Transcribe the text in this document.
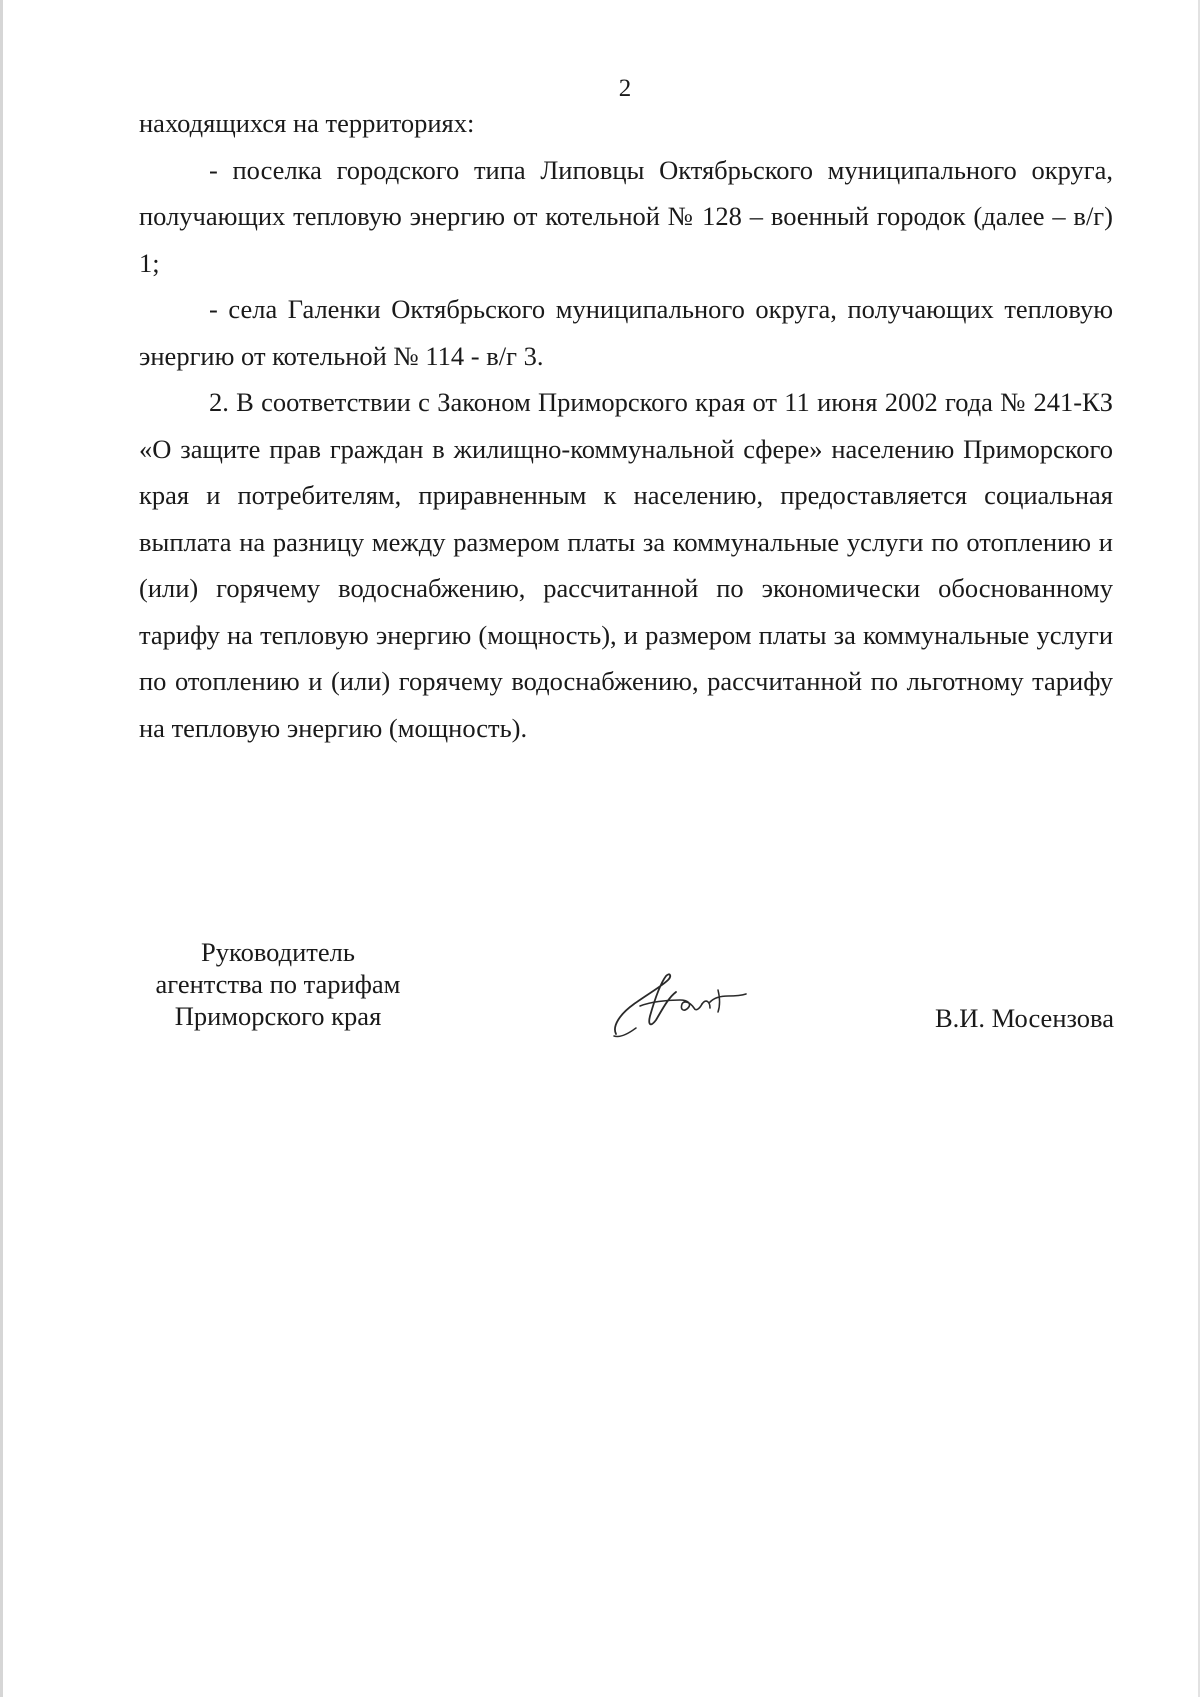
2

находящихся на территориях:

- поселка городского типа Липовцы Октябрьского муниципального округа, получающих тепловую энергию от котельной № 128 – военный городок (далее – в/г) 1;

- села Галенки Октябрьского муниципального округа, получающих тепловую энергию от котельной № 114 - в/г 3.

2. В соответствии с Законом Приморского края от 11 июня 2002 года № 241-КЗ «О защите прав граждан в жилищно-коммунальной сфере» населению Приморского края и потребителям, приравненным к населению, предоставляется социальная выплата на разницу между размером платы за коммунальные услуги по отоплению и (или) горячему водоснабжению, рассчитанной по экономически обоснованному тарифу на тепловую энергию (мощность), и размером платы за коммунальные услуги по отоплению и (или) горячему водоснабжению, рассчитанной по льготному тарифу на тепловую энергию (мощность).

Руководитель
агентства по тарифам
Приморского края	В.И. Мосензова
